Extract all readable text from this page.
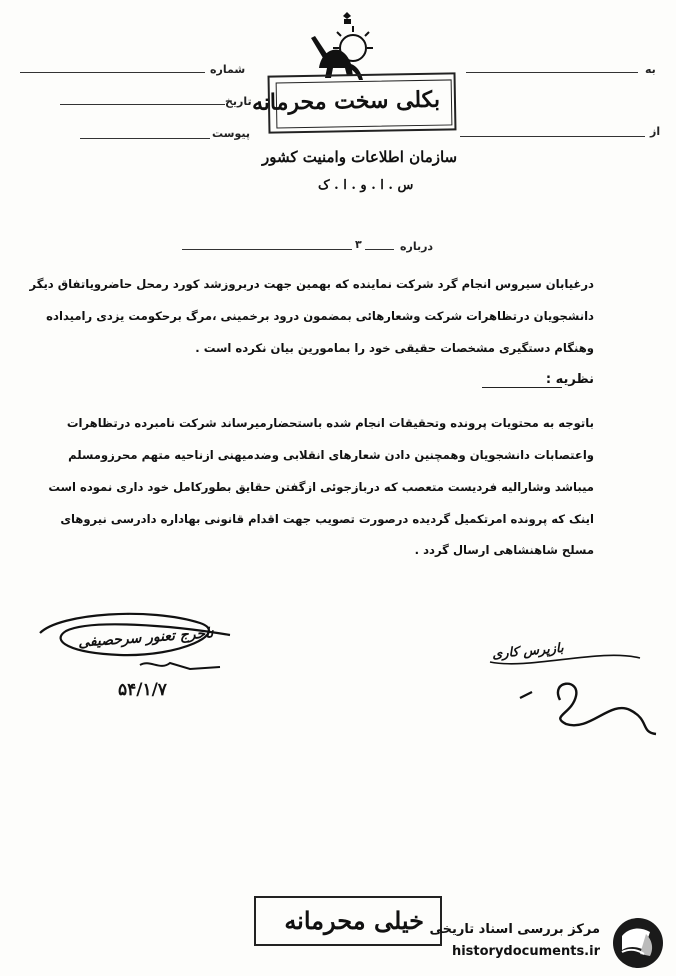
شماره
تاریخ
پیوست
به
از
بکلی سخت محرمانه
سازمان اطلاعات وامنیت کشور
س . ا . و . ا . ک
درباره
۳
درغیابان سیروس انجام گرد شرکت نماینده که بهمین جهت دربروزشد کورد رمحل حاضرویاتفاق دیگر
دانشجویان درتظاهرات شرکت وشعارهائی بمضمون درود برخمینی ،مرگ برحکومت یزدی رامیداده
وهنگام دستگیری مشخصات حقیقی خود را بمامورین بیان نکرده است .
نظریه :
باتوجه به محتویات پرونده وتحقیقات انجام شده باستحضارمیرساند شرکت نامبرده درتظاهرات
واعتصابات دانشجویان وهمچنین دادن شعارهای انقلابی وضدمیهنی ازناحیه متهم محرزومسلم
میباشد وشارالیه فردیست متعصب که دربازجوئی ازگفتن حقایق بطورکامل خود داری نموده است
اینک که پرونده امرتکمیل گردیده درصورت تصویب جهت اقدام قانونی بهاداره دادرسی نیروهای
مسلح شاهنشاهی ارسال گردد .
ناجرج تعنور سرحصیفی
۵۴/۱/۷
بازپرس کاری
خیلی محرمانه مرکز بررسی اسناد تاریخی
historydocuments.ir
